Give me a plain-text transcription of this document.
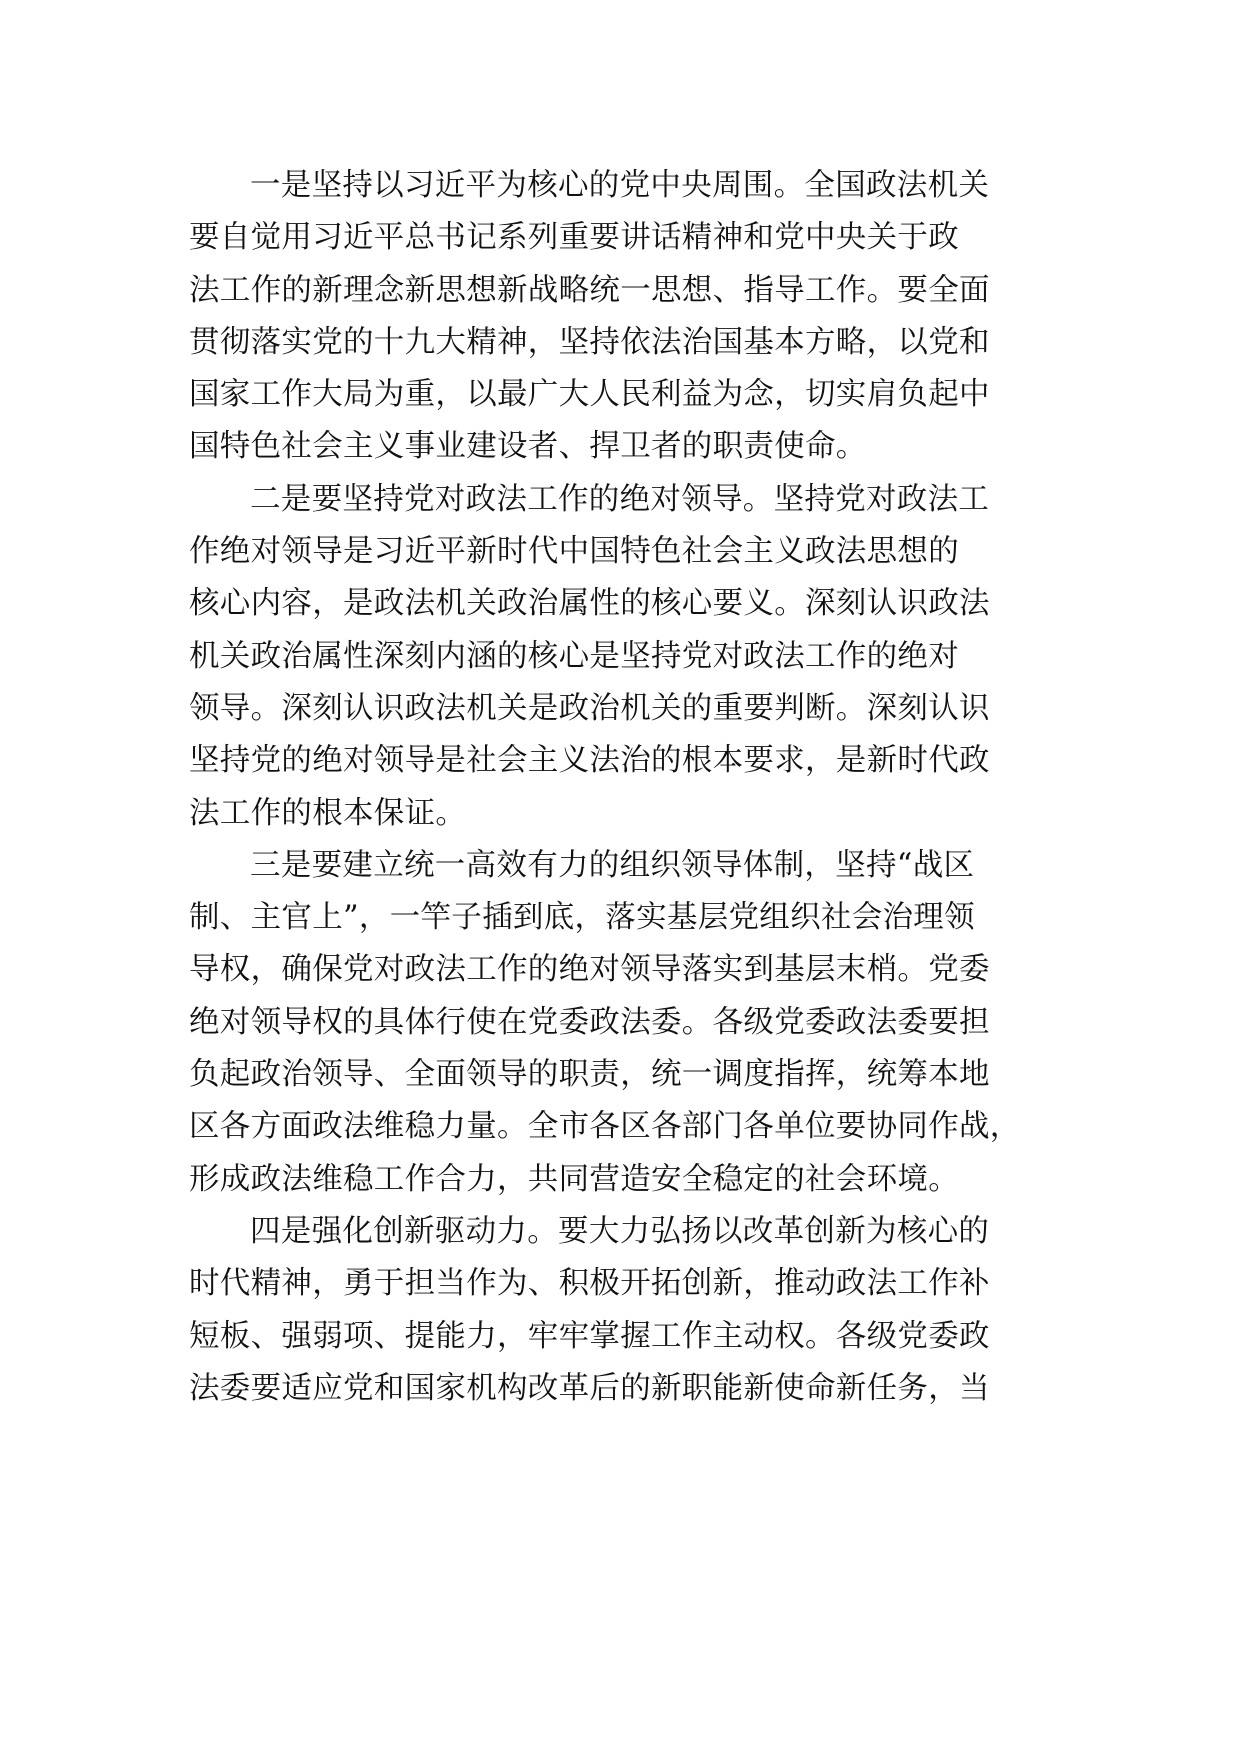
一是坚持以习近平为核心的党中央周围。全国政法机关
要自觉用习近平总书记系列重要讲话精神和党中央关于政
法工作的新理念新思想新战略统一思想、指导工作。要全面
贯彻落实党的十九大精神，坚持依法治国基本方略，以党和
国家工作大局为重，以最广大人民利益为念，切实肩负起中
国特色社会主义事业建设者、捍卫者的职责使命。
二是要坚持党对政法工作的绝对领导。坚持党对政法工
作绝对领导是习近平新时代中国特色社会主义政法思想的
核心内容，是政法机关政治属性的核心要义。深刻认识政法
机关政治属性深刻内涵的核心是坚持党对政法工作的绝对
领导。深刻认识政法机关是政治机关的重要判断。深刻认识
坚持党的绝对领导是社会主义法治的根本要求，是新时代政
法工作的根本保证。
三是要建立统一高效有力的组织领导体制，坚持“战区
制、主官上”，一竿子插到底，落实基层党组织社会治理领
导权，确保党对政法工作的绝对领导落实到基层末梢。党委
绝对领导权的具体行使在党委政法委。各级党委政法委要担
负起政治领导、全面领导的职责，统一调度指挥，统筹本地
区各方面政法维稳力量。全市各区各部门各单位要协同作战，
形成政法维稳工作合力，共同营造安全稳定的社会环境。
四是强化创新驱动力。要大力弘扬以改革创新为核心的
时代精神，勇于担当作为、积极开拓创新，推动政法工作补
短板、强弱项、提能力，牢牢掌握工作主动权。各级党委政
法委要适应党和国家机构改革后的新职能新使命新任务，当
